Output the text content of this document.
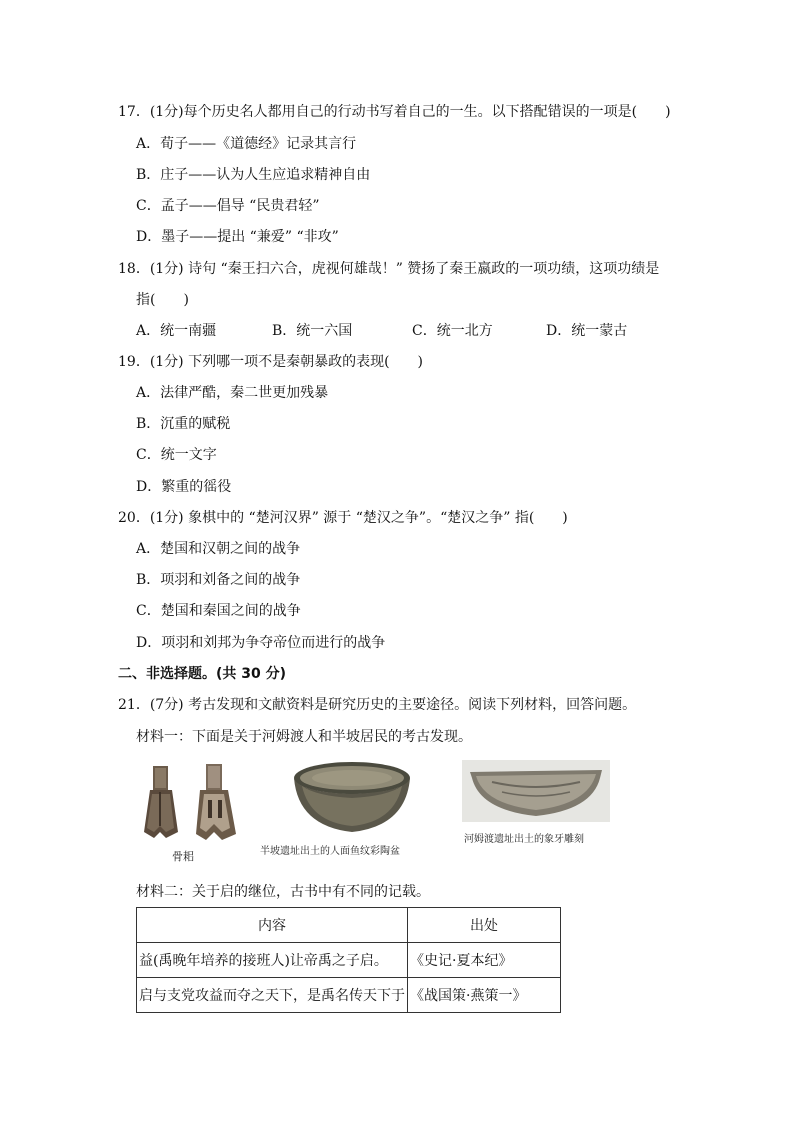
17．(1分)每个历史名人都用自己的行动书写着自己的一生。以下搭配错误的一项是(　　)
A．荀子——《道德经》记录其言行
B．庄子——认为人生应追求精神自由
C．孟子——倡导 “民贵君轻”
D．墨子——提出 “兼爱” “非攻”
18．(1分) 诗句 “秦王扫六合，虎视何雄哉！” 赞扬了秦王嬴政的一项功绩，这项功绩是
指(　　)
A．统一南疆	B．统一六国	C．统一北方	D．统一蒙古
19．(1分) 下列哪一项不是秦朝暴政的表现(　　)
A．法律严酷，秦二世更加残暴
B．沉重的赋税
C．统一文字
D．繁重的徭役
20．(1分) 象棋中的 “楚河汉界” 源于 “楚汉之争”。“楚汉之争” 指(　　)
A．楚国和汉朝之间的战争
B．项羽和刘备之间的战争
C．楚国和秦国之间的战争
D．项羽和刘邦为争夺帝位而进行的战争
二、非选择题。(共 30 分)
21．(7分) 考古发现和文献资料是研究历史的主要途径。阅读下列材料，回答问题。
材料一：下面是关于河姆渡人和半坡居民的考古发现。
骨耜	半坡遗址出土的人面鱼纹彩陶盆
河姆渡遗址出土的象牙雕刻
材料二：关于启的继位，古书中有不同的记载。
内容	出处
益(禹晚年培养的接班人)让帝禹之子启。	《史记·夏本纪》
启与支党攻益而夺之天下，是禹名传天下于	《战国策·燕策一》
